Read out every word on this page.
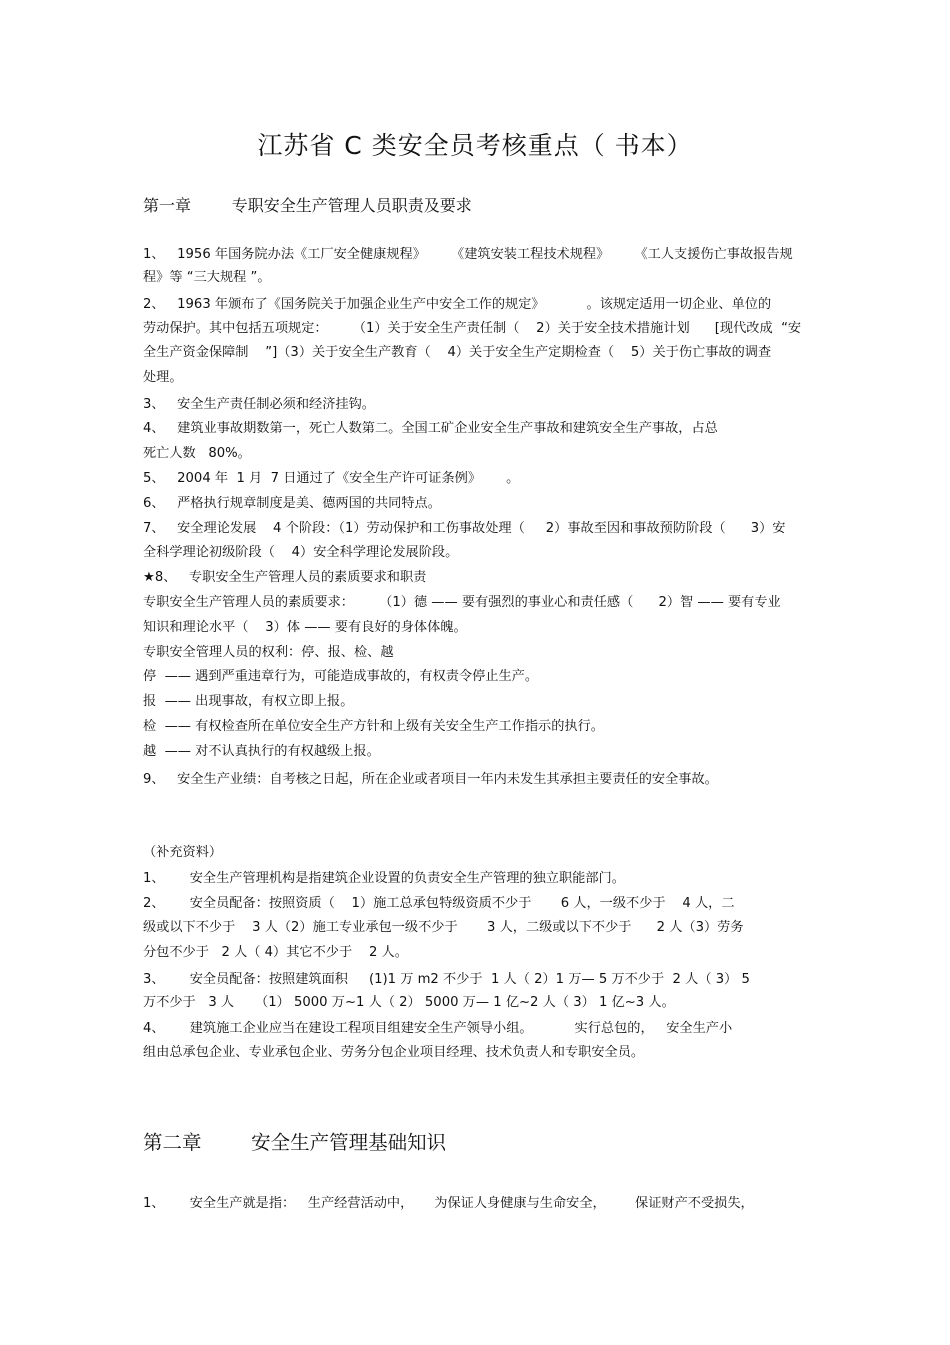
江苏省 C 类安全员考核重点（ 书本）
第一章        专职安全生产管理人员职责及要求
1、   1956 年国务院办法《工厂安全健康规程》      《建筑安装工程技术规程》      《工人支援伤亡事故报告规
程》等 “三大规程 ”。
2、   1963 年颁布了《国务院关于加强企业生产中安全工作的规定》          。该规定适用一切企业、单位的
劳动保护。其中包括五项规定：      （1）关于安全生产责任制（    2）关于安全技术措施计划      [现代改成  “安
全生产资金保障制    ”]（3）关于安全生产教育（    4）关于安全生产定期检查（    5）关于伤亡事故的调查
处理。
3、   安全生产责任制必须和经济挂钩。
4、   建筑业事故期数第一，死亡人数第二。全国工矿企业安全生产事故和建筑安全生产事故，占总
死亡人数   80%。
5、   2004 年  1 月  7 日通过了《安全生产许可证条例》      。
6、   严格执行规章制度是美、德两国的共同特点。
7、   安全理论发展    4 个阶段：（1）劳动保护和工伤事故处理（     2）事故至因和事故预防阶段（      3）安
全科学理论初级阶段（    4）安全科学理论发展阶段。
★8、   专职安全生产管理人员的素质要求和职责
专职安全生产管理人员的素质要求：      （1）德 —— 要有强烈的事业心和责任感（      2）智 —— 要有专业
知识和理论水平（    3）体 —— 要有良好的身体体魄。
专职安全管理人员的权利：停、报、检、越
停  —— 遇到严重违章行为，可能造成事故的，有权责令停止生产。
报  —— 出现事故，有权立即上报。
检  —— 有权检查所在单位安全生产方针和上级有关安全生产工作指示的执行。
越  —— 对不认真执行的有权越级上报。
9、   安全生产业绩：自考核之日起，所在企业或者项目一年内未发生其承担主要责任的安全事故。
（补充资料）
1、      安全生产管理机构是指建筑企业设置的负责安全生产管理的独立职能部门。
2、      安全员配备：按照资质（    1）施工总承包特级资质不少于       6 人，一级不少于    4 人，二
级或以下不少于    3 人（2）施工专业承包一级不少于       3 人，二级或以下不少于      2 人（3）劳务
分包不少于   2 人（ 4）其它不少于    2 人。
3、      安全员配备：按照建筑面积     (1)1 万 m2 不少于  1 人（ 2）1 万— 5 万不少于  2 人（ 3） 5
万不少于   3 人     （1） 5000 万~1 人（ 2） 5000 万— 1 亿~2 人（ 3） 1 亿~3 人。
4、      建筑施工企业应当在建设工程项目组建安全生产领导小组。          实行总包的，   安全生产小
组由总承包企业、专业承包企业、劳务分包企业项目经理、技术负责人和专职安全员。
第二章        安全生产管理基础知识
1、      安全生产就是指：   生产经营活动中，     为保证人身健康与生命安全，       保证财产不受损失，
